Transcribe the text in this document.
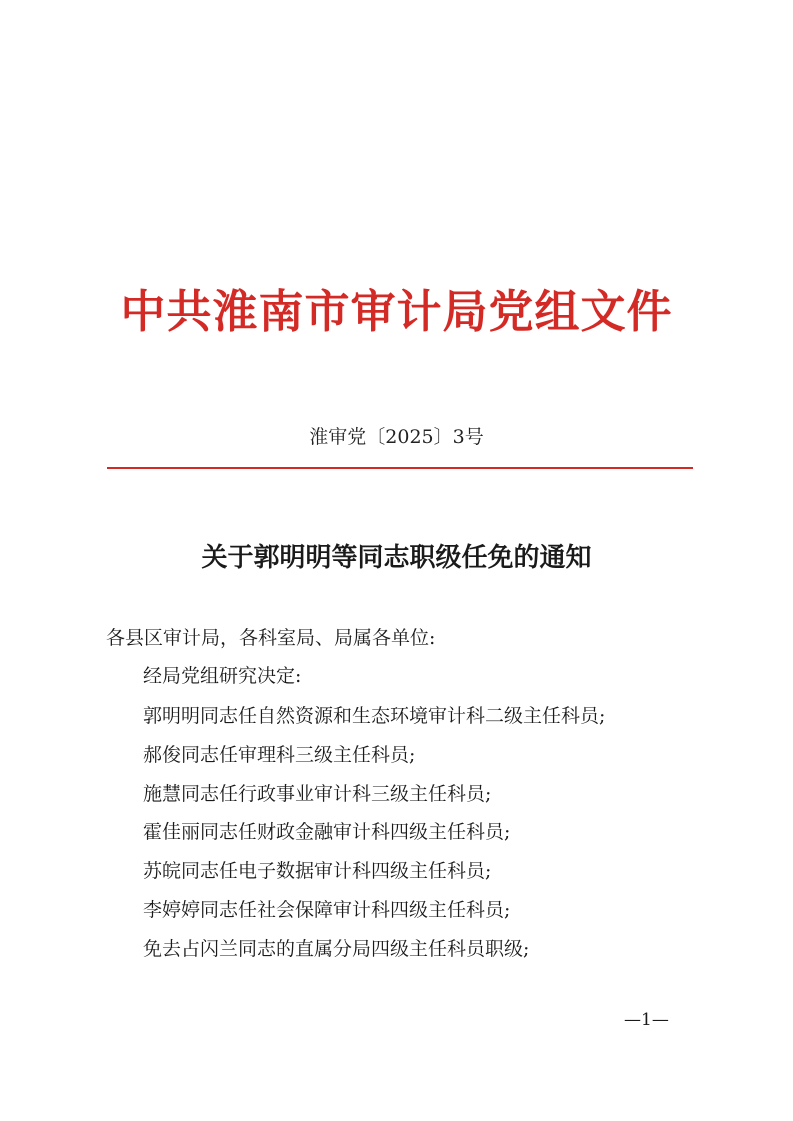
中共淮南市审计局党组文件
淮审党〔2025〕3号
关于郭明明等同志职级任免的通知
各县区审计局，各科室局、局属各单位:
经局党组研究决定:
郭明明同志任自然资源和生态环境审计科二级主任科员;
郝俊同志任审理科三级主任科员;
施慧同志任行政事业审计科三级主任科员;
霍佳丽同志任财政金融审计科四级主任科员;
苏皖同志任电子数据审计科四级主任科员;
李婷婷同志任社会保障审计科四级主任科员;
免去占闪兰同志的直属分局四级主任科员职级;
—1—
